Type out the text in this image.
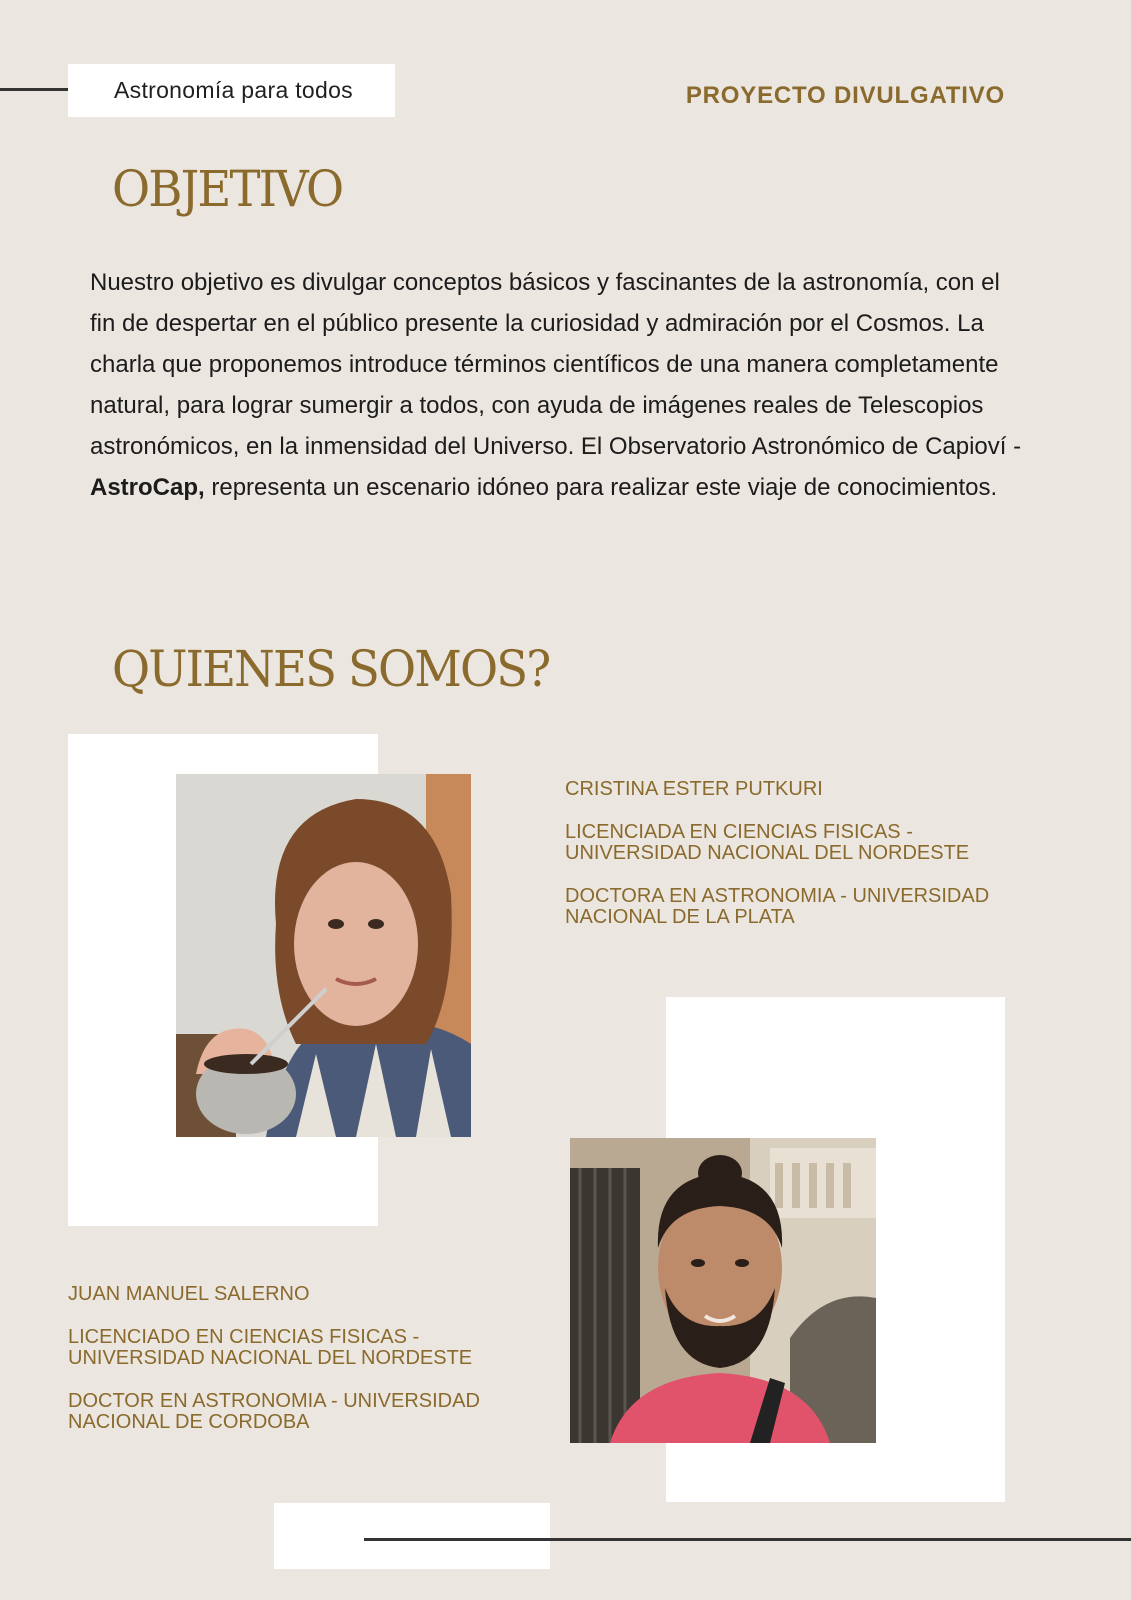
Astronomía para todos	PROYECTO DIVULGATIVO
OBJETIVO

Nuestro objetivo es divulgar conceptos básicos y fascinantes de la astronomía, con el fin de despertar en el público presente la curiosidad y admiración por el Cosmos. La charla que proponemos introduce términos científicos de una manera completamente natural, para lograr sumergir a todos, con ayuda de imágenes reales de Telescopios astronómicos, en la inmensidad del Universo. El Observatorio Astronómico de Capioví - AstroCap, representa un escenario idóneo para realizar este viaje de conocimientos.

QUIENES SOMOS?

CRISTINA ESTER PUTKURI

LICENCIADA EN CIENCIAS FISICAS - UNIVERSIDAD NACIONAL DEL NORDESTE

DOCTORA EN ASTRONOMIA - UNIVERSIDAD NACIONAL DE LA PLATA

JUAN MANUEL SALERNO

LICENCIADO EN CIENCIAS FISICAS - UNIVERSIDAD NACIONAL DEL NORDESTE

DOCTOR EN ASTRONOMIA - UNIVERSIDAD NACIONAL DE CORDOBA
